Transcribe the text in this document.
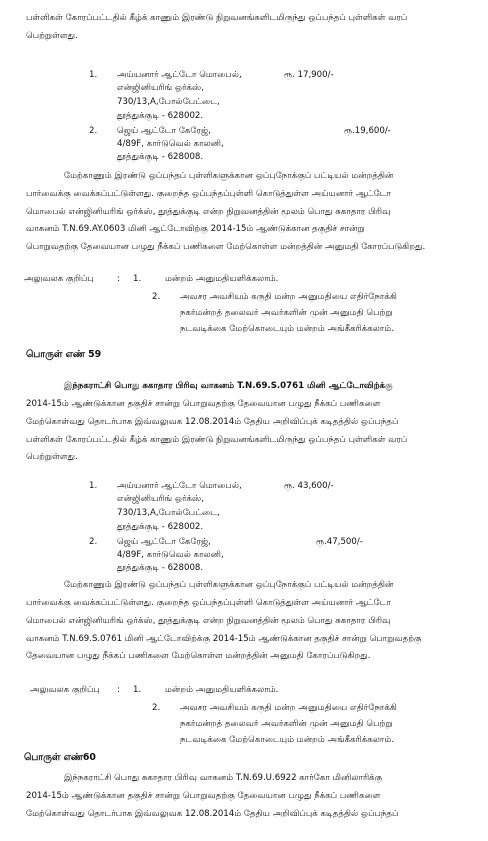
பள்ளிகள் கோரப்பட்டதில் கீழ்க் காணும் இரண்டு நிறுவனங்களிடமிருந்து ஒப்பந்தப் புள்ளிகள் வரப்
பெற்றுள்ளது.
1. அய்யனார் ஆட்டோ மொபைல்,	ரூ. 17,900/-
என்ஜினியரிங் ஒர்க்ஸ்,
730/13,A,போல்பேட்டை,
தூத்துக்குடி - 628002.
2. ஜெய் ஆட்டோ கேரேஜ்,	ரூ.19,600/-
4/89F, கார்டுவெல் காலனி,
தூத்துக்குடி - 628008.
மேற்காணும் இரண்டு ஒப்பந்தப் புள்ளிகளுக்கான ஒப்புநோக்குப் பட்டியல் மன்றத்தின்
பார்வைக்கு வைக்கப்பட்டுள்ளது. குறைந்த ஒப்பந்தப்புள்ளி கொடுத்துள்ள அய்யனார் ஆட்டோ
மொபைல் என்ஜினியரிங் ஒர்க்ஸ், தூத்துக்குடி என்ற நிறுவனத்தின் மூலம் பொது சுகாதார பிரிவு
வாகனம் T.N.69.AY.0603 மினி ஆட்டோவிற்கு 2014-15ம் ஆண்டுக்கான தகுதிச் சான்று
பொறுவதற்கு தேவையான பழுது நீக்கப் பணிகளை மேற்கொள்ள மன்றத்தின் அனுமதி கோரப்படுகிறது.
அலுவலக குறிப்பு	: 1.	மன்றம் அனுமதியளிக்கலாம்.
2. அவசர அவசியம் கருதி மன்ற அனுமதியை எதிர்நோக்கி
நகர்மன்றத் தலைவர் அவர்களின் முன் அனுமதி பெற்று
நடவடிக்கை மேற்கொடையும் மன்றம் அங்கீகரிக்கலாம்.
பொருள் எண் 59
இந்நகராட்சி பொது சுகாதார பிரிவு வாகனம் T.N.69.S.0761 மினி ஆட்டோவிற்க்கு
2014-15ம் ஆண்டுக்கான தகுதிச் சான்று பொறுவதற்கு தேவையான பழுது நீக்கப் பணிகளை
மேற்கொள்வது தொடர்பாக இவ்வலுவக 12.08.2014ம் தேதிய அறிவிப்புக் கடிதத்தில் ஒப்பந்தப்
பள்ளிகள் கோரப்பட்டதில் கீழ்க் காணும் இரண்டு நிறுவனங்களிடமிருந்து ஒப்பந்தப் புள்ளிகள் வரப்
பெற்றுள்ளது.
1. அய்யனார் ஆட்டோ மொபைல்,	ரூ. 43,600/-
என்ஜினியரிங் ஒர்க்ஸ்,
730/13,A,போல்பேட்டை,
தூத்துக்குடி - 628002.
2. ஜெய் ஆட்டோ கேரேஜ்,	ரூ.47,500/-
4/89F, கார்டுவெல் காலனி,
தூத்துக்குடி - 628008.
மேற்காணும் இரண்டு ஒப்பந்தப் புள்ளிகளுக்கான ஒப்புநோக்குப் பட்டியல் மன்றத்தின்
பார்வைக்கு வைக்கப்பட்டுள்ளது. குறைந்த ஒப்பந்தப்புள்ளி கொடுத்துள்ள அய்யனார் ஆட்டோ
மொபைல் என்ஜினியரிங் ஒர்க்ஸ், தூத்துக்குடி என்ற நிறுவனத்தின் மூலம் பொது சுகாதார பிரிவு
வாகனம் T.N.69.S.0761 மினி ஆட்டோவிற்க்கு 2014-15ம் ஆண்டுக்கான தகுதிச் சான்று பொறுவதற்கு
தேவையான பழுது நீக்கப் பணிகளை மேற்கொள்ள மன்றத்தின் அனுமதி கோரப்படுகிறது.
அலுவலக குறிப்பு : 1.	மன்றம் அனுமதியளிக்கலாம்.
2. அவசர அவசியம் கருதி மன்ற அனுமதியை எதிர்நோக்கி
நகர்மன்றத் தலைவர் அவர்களின் முன் அனுமதி பெற்று
நடவடிக்கை மேற்கொடையும் மன்றம் அங்கீகரிக்கலாம்.
பொருள் எண்60
இந்நகராட்சி பொது சுகாதார பிரிவு வாகனம் T.N.69.U.6922 கார்கோ மினிலாரிக்கு
2014-15ம் ஆண்டுக்கான தகுதிச் சான்று பொறுவதற்கு தேவையான பழுது நீக்கப் பணிகளை
மேற்கொள்வது தொடர்பாக இவ்வலுவக 12.08.2014ம் தேதிய அறிவிப்புக் கடிதத்தில் ஒப்பந்தப்
